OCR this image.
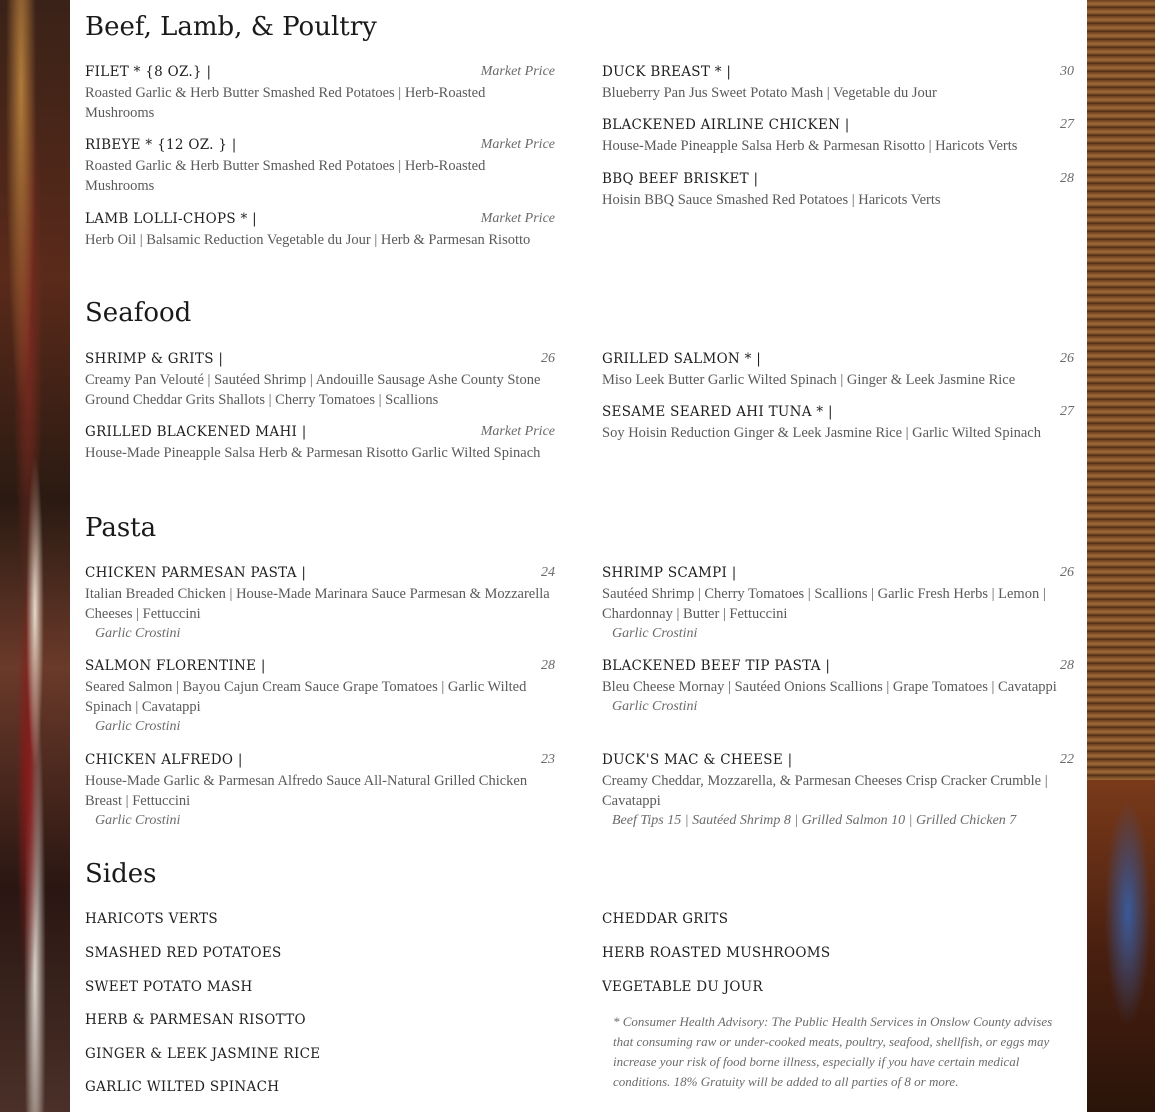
Beef, Lamb, & Poultry
FILET * {8 OZ.} |	Market Price
Roasted Garlic & Herb Butter Smashed Red Potatoes | Herb-Roasted Mushrooms
RIBEYE * {12 OZ. } |	Market Price
Roasted Garlic & Herb Butter Smashed Red Potatoes | Herb-Roasted Mushrooms
LAMB LOLLI-CHOPS * |	Market Price
Herb Oil | Balsamic Reduction Vegetable du Jour | Herb & Parmesan Risotto
DUCK BREAST * |	30
Blueberry Pan Jus Sweet Potato Mash | Vegetable du Jour
BLACKENED AIRLINE CHICKEN |	27
House-Made Pineapple Salsa Herb & Parmesan Risotto | Haricots Verts
BBQ BEEF BRISKET |	28
Hoisin BBQ Sauce Smashed Red Potatoes | Haricots Verts
Seafood
SHRIMP & GRITS |	26
Creamy Pan Velouté | Sautéed Shrimp | Andouille Sausage Ashe County Stone Ground Cheddar Grits Shallots | Cherry Tomatoes | Scallions
GRILLED BLACKENED MAHI |	Market Price
House-Made Pineapple Salsa Herb & Parmesan Risotto Garlic Wilted Spinach
GRILLED SALMON * |	26
Miso Leek Butter Garlic Wilted Spinach | Ginger & Leek Jasmine Rice
SESAME SEARED AHI TUNA * |	27
Soy Hoisin Reduction Ginger & Leek Jasmine Rice | Garlic Wilted Spinach
Pasta
CHICKEN PARMESAN PASTA |	24
Italian Breaded Chicken | House-Made Marinara Sauce Parmesan & Mozzarella Cheeses | Fettuccini
Garlic Crostini
SALMON FLORENTINE |	28
Seared Salmon | Bayou Cajun Cream Sauce Grape Tomatoes | Garlic Wilted Spinach | Cavatappi
Garlic Crostini
CHICKEN ALFREDO |	23
House-Made Garlic & Parmesan Alfredo Sauce All-Natural Grilled Chicken Breast | Fettuccini
Garlic Crostini
SHRIMP SCAMPI |	26
Sautéed Shrimp | Cherry Tomatoes | Scallions | Garlic Fresh Herbs | Lemon | Chardonnay | Butter | Fettuccini
Garlic Crostini
BLACKENED BEEF TIP PASTA |	28
Bleu Cheese Mornay | Sautéed Onions Scallions | Grape Tomatoes | Cavatappi
Garlic Crostini
DUCK'S MAC & CHEESE |	22
Creamy Cheddar, Mozzarella, & Parmesan Cheeses Crisp Cracker Crumble | Cavatappi
Beef Tips 15 | Sautéed Shrimp 8 | Grilled Salmon 10 | Grilled Chicken 7
Sides
HARICOTS VERTS
SMASHED RED POTATOES
SWEET POTATO MASH
HERB & PARMESAN RISOTTO
GINGER & LEEK JASMINE RICE
GARLIC WILTED SPINACH
CHEDDAR GRITS
HERB ROASTED MUSHROOMS
VEGETABLE DU JOUR
* Consumer Health Advisory: The Public Health Services in Onslow County advises that consuming raw or under-cooked meats, poultry, seafood, shellfish, or eggs may increase your risk of food borne illness, especially if you have certain medical conditions. 18% Gratuity will be added to all parties of 8 or more.
